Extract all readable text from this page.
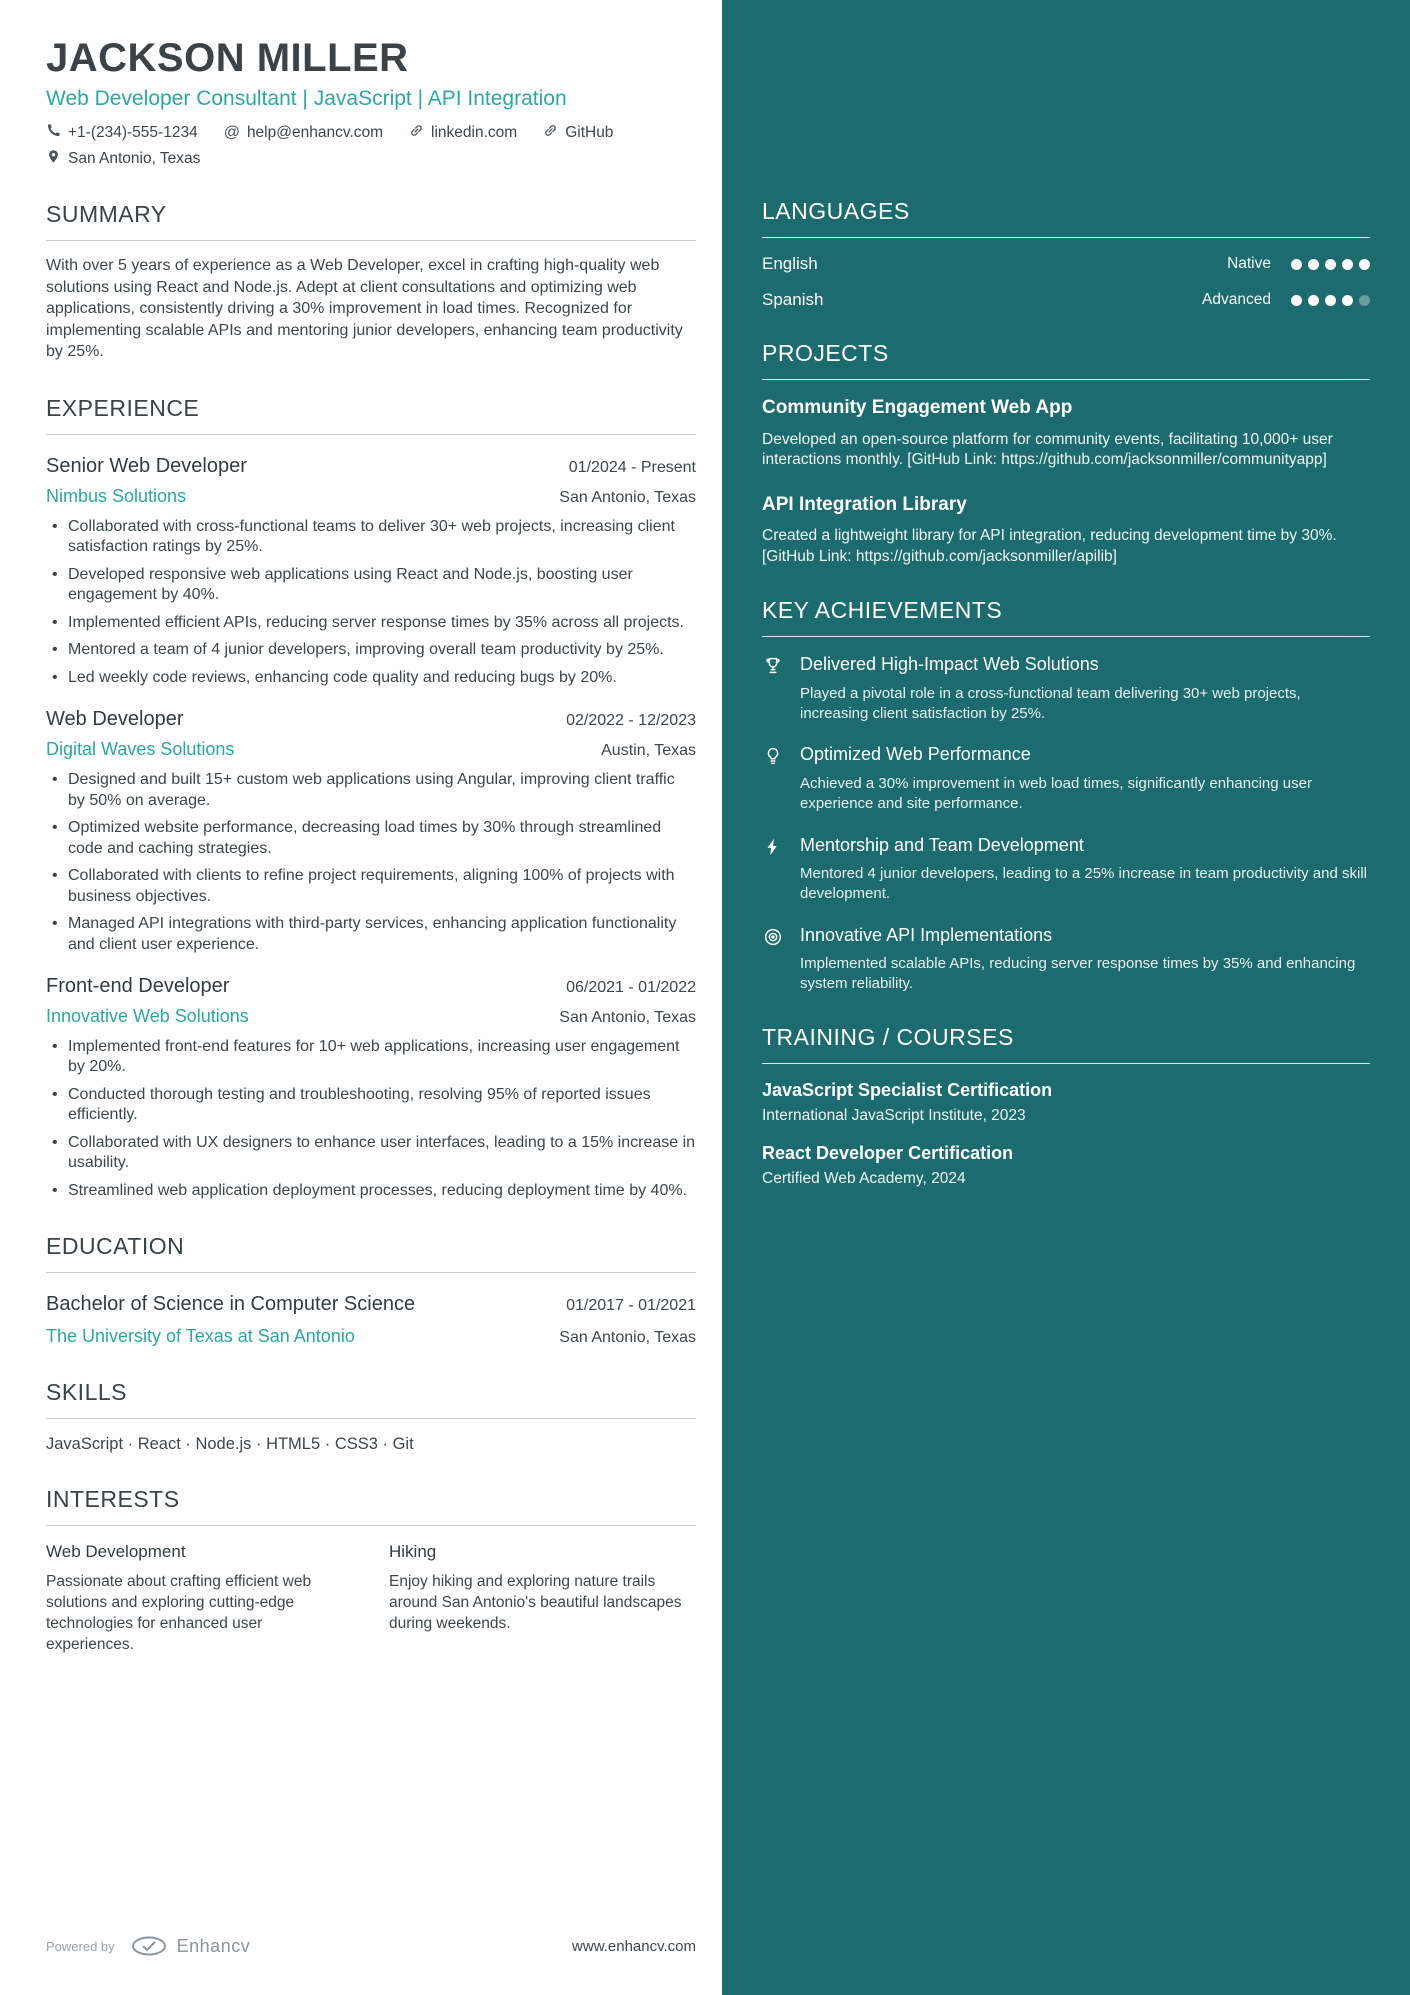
LANGUAGES
English	Native
Spanish	Advanced
PROJECTS
Community Engagement Web App
Developed an open-source platform for community events, facilitating 10,000+ user interactions monthly. [GitHub Link: https://github.com/jacksonmiller/communityapp]
API Integration Library
Created a lightweight library for API integration, reducing development time by 30%. [GitHub Link: https://github.com/jacksonmiller/apilib]
KEY ACHIEVEMENTS
Delivered High-Impact Web Solutions
Played a pivotal role in a cross-functional team delivering 30+ web projects, increasing client satisfaction by 25%.
Optimized Web Performance
Achieved a 30% improvement in web load times, significantly enhancing user experience and site performance.
Mentorship and Team Development
Mentored 4 junior developers, leading to a 25% increase in team productivity and skill development.
Innovative API Implementations
Implemented scalable APIs, reducing server response times by 35% and enhancing system reliability.
TRAINING / COURSES
JavaScript Specialist Certification
International JavaScript Institute, 2023
React Developer Certification
Certified Web Academy, 2024
JACKSON MILLER
Web Developer Consultant | JavaScript | API Integration
+1-(234)-555-1234 @ help@enhancv.com	linkedin.com	GitHub
San Antonio, Texas
SUMMARY

With over 5 years of experience as a Web Developer, excel in crafting high-quality web solutions using React and Node.js. Adept at client consultations and optimizing web applications, consistently driving a 30% improvement in load times. Recognized for implementing scalable APIs and mentoring junior developers, enhancing team productivity by 25%.

EXPERIENCE
Senior Web Developer	01/2024 - Present
Nimbus Solutions	San Antonio, Texas
• Collaborated with cross-functional teams to deliver 30+ web projects, increasing client satisfaction ratings by 25%.
• Developed responsive web applications using React and Node.js, boosting user engagement by 40%.
• Implemented efficient APIs, reducing server response times by 35% across all projects.
• Mentored a team of 4 junior developers, improving overall team productivity by 25%.
• Led weekly code reviews, enhancing code quality and reducing bugs by 20%.
Web Developer	02/2022 - 12/2023
Digital Waves Solutions	Austin, Texas
• Designed and built 15+ custom web applications using Angular, improving client traffic by 50% on average.
• Optimized website performance, decreasing load times by 30% through streamlined code and caching strategies.
• Collaborated with clients to refine project requirements, aligning 100% of projects with business objectives.
• Managed API integrations with third-party services, enhancing application functionality and client user experience.
Front-end Developer	06/2021 - 01/2022
Innovative Web Solutions	San Antonio, Texas
• Implemented front-end features for 10+ web applications, increasing user engagement by 20%.
• Conducted thorough testing and troubleshooting, resolving 95% of reported issues efficiently.
• Collaborated with UX designers to enhance user interfaces, leading to a 15% increase in usability.
• Streamlined web application deployment processes, reducing deployment time by 40%.
EDUCATION
Bachelor of Science in Computer Science	01/2017 - 01/2021
The University of Texas at San Antonio	San Antonio, Texas
SKILLS
JavaScript · React · Node.js · HTML5 · CSS3 · Git
INTERESTS
Web Development
Passionate about crafting efficient web solutions and exploring cutting-edge technologies for enhanced user experiences.
Hiking
Enjoy hiking and exploring nature trails around San Antonio's beautiful landscapes during weekends.
Powered by	Enhancv	www.enhancv.com
